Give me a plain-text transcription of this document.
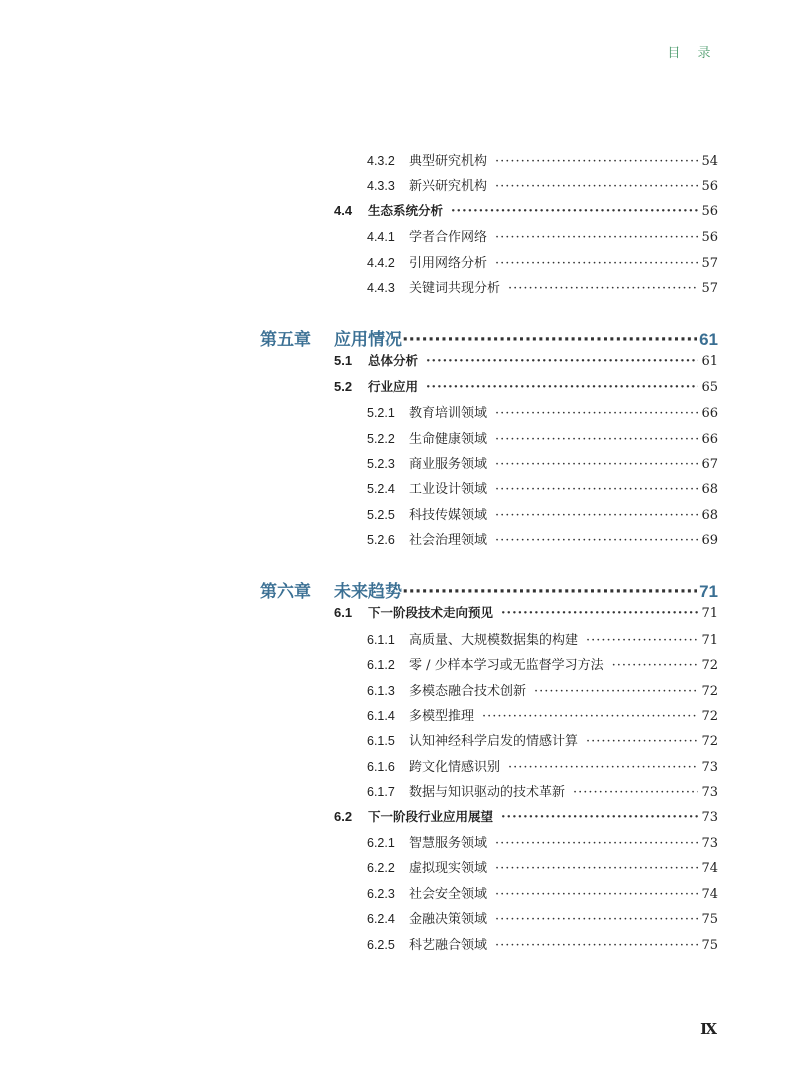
目 录
4.3.2	典型研究机构 ·····	54
4.3.3	新兴研究机构 ·····	56
4.4	生态系统分析 ·····	56
4.4.1	学者合作网络 ·····	56
4.4.2	引用网络分析 ·····	57
4.4.3	关键词共现分析 ·····	57
第五章	应用情况 ·····	61
5.1	总体分析 ·····	61
5.2	行业应用 ·····	65
5.2.1	教育培训领域 ·····	66
5.2.2	生命健康领域 ·····	66
5.2.3	商业服务领域 ·····	67
5.2.4	工业设计领域 ·····	68
5.2.5	科技传媒领域 ·····	68
5.2.6	社会治理领域 ·····	69
第六章	未来趋势 ·····	71
6.1	下一阶段技术走向预见 ·····	71
6.1.1	高质量、大规模数据集的构建 ·····	71
6.1.2	零 / 少样本学习或无监督学习方法 ·····	72
6.1.3	多模态融合技术创新 ·····	72
6.1.4	多模型推理 ·····	72
6.1.5	认知神经科学启发的情感计算 ·····	72
6.1.6	跨文化情感识别 ·····	73
6.1.7	数据与知识驱动的技术革新 ·····	73
6.2	下一阶段行业应用展望 ·····	73
6.2.1	智慧服务领域 ·····	73
6.2.2	虚拟现实领域 ·····	74
6.2.3	社会安全领域 ·····	74
6.2.4	金融决策领域 ·····	75
6.2.5	科艺融合领域 ·····	75
Ⅸ
